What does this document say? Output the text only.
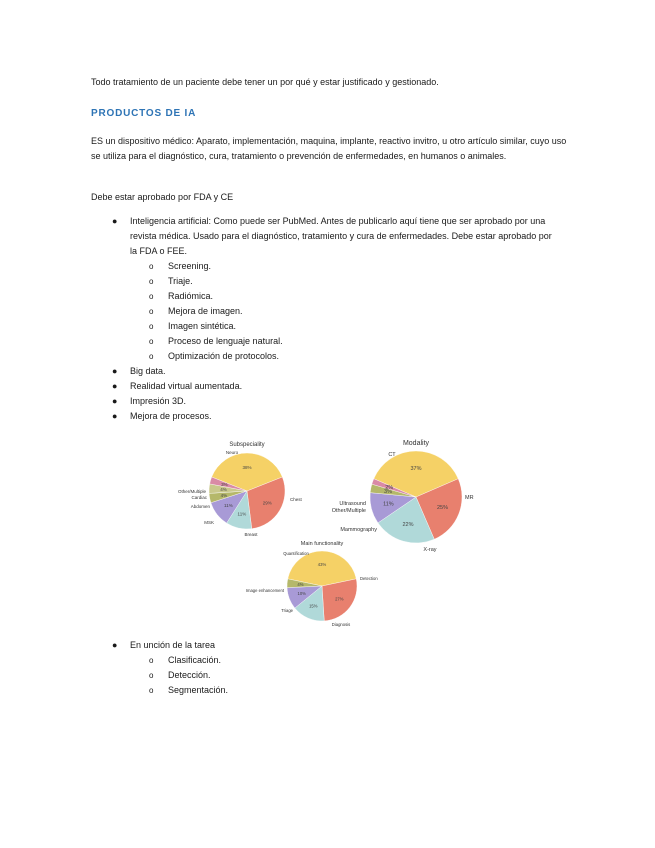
Todo tratamiento de un paciente debe tener un por qué y estar justificado y gestionado.

PRODUCTOS DE IA

ES un dispositivo médico: Aparato, implementación, maquina, implante, reactivo invitro, u otro artículo similar, cuyo uso se utiliza para el diagnóstico, cura, tratamiento o prevención de enfermedades, en humanos o animales.

Debe estar aprobado por FDA y CE

● Inteligencia artificial: Como puede ser PubMed. Antes de publicarlo aquí tiene que ser aprobado por una revista médica. Usado para el diagnóstico, tratamiento y cura de enfermedades. Debe estar aprobado por la FDA o FEE.
o Screening.
o Triaje.
o Radiómica.
o Mejora de imagen.
o Imagen sintética.
o Proceso de lenguaje natural.
o Optimización de protocolos.
● Big data.
● Realidad virtual aumentada.
● Impresión 3D.
● Mejora de procesos.
Subspeciality
38%
Neuro
29%
Chest
11%
Breast
11%
MSK
4%
Abdomen
4%
Cardiac
3%
Other/Multiple
Modality
37%
CT
25%
MR
22%
X-ray
11%
Mammography
3%
Other/Multiple
2%
Ultrasound
Main functionality
43%
Quantification
27%
Detection
15%
Diagnosis
10%
Triage
4%
Image enhancement
● En unción de la tarea
o Clasificación.
o Detección.
o Segmentación.
